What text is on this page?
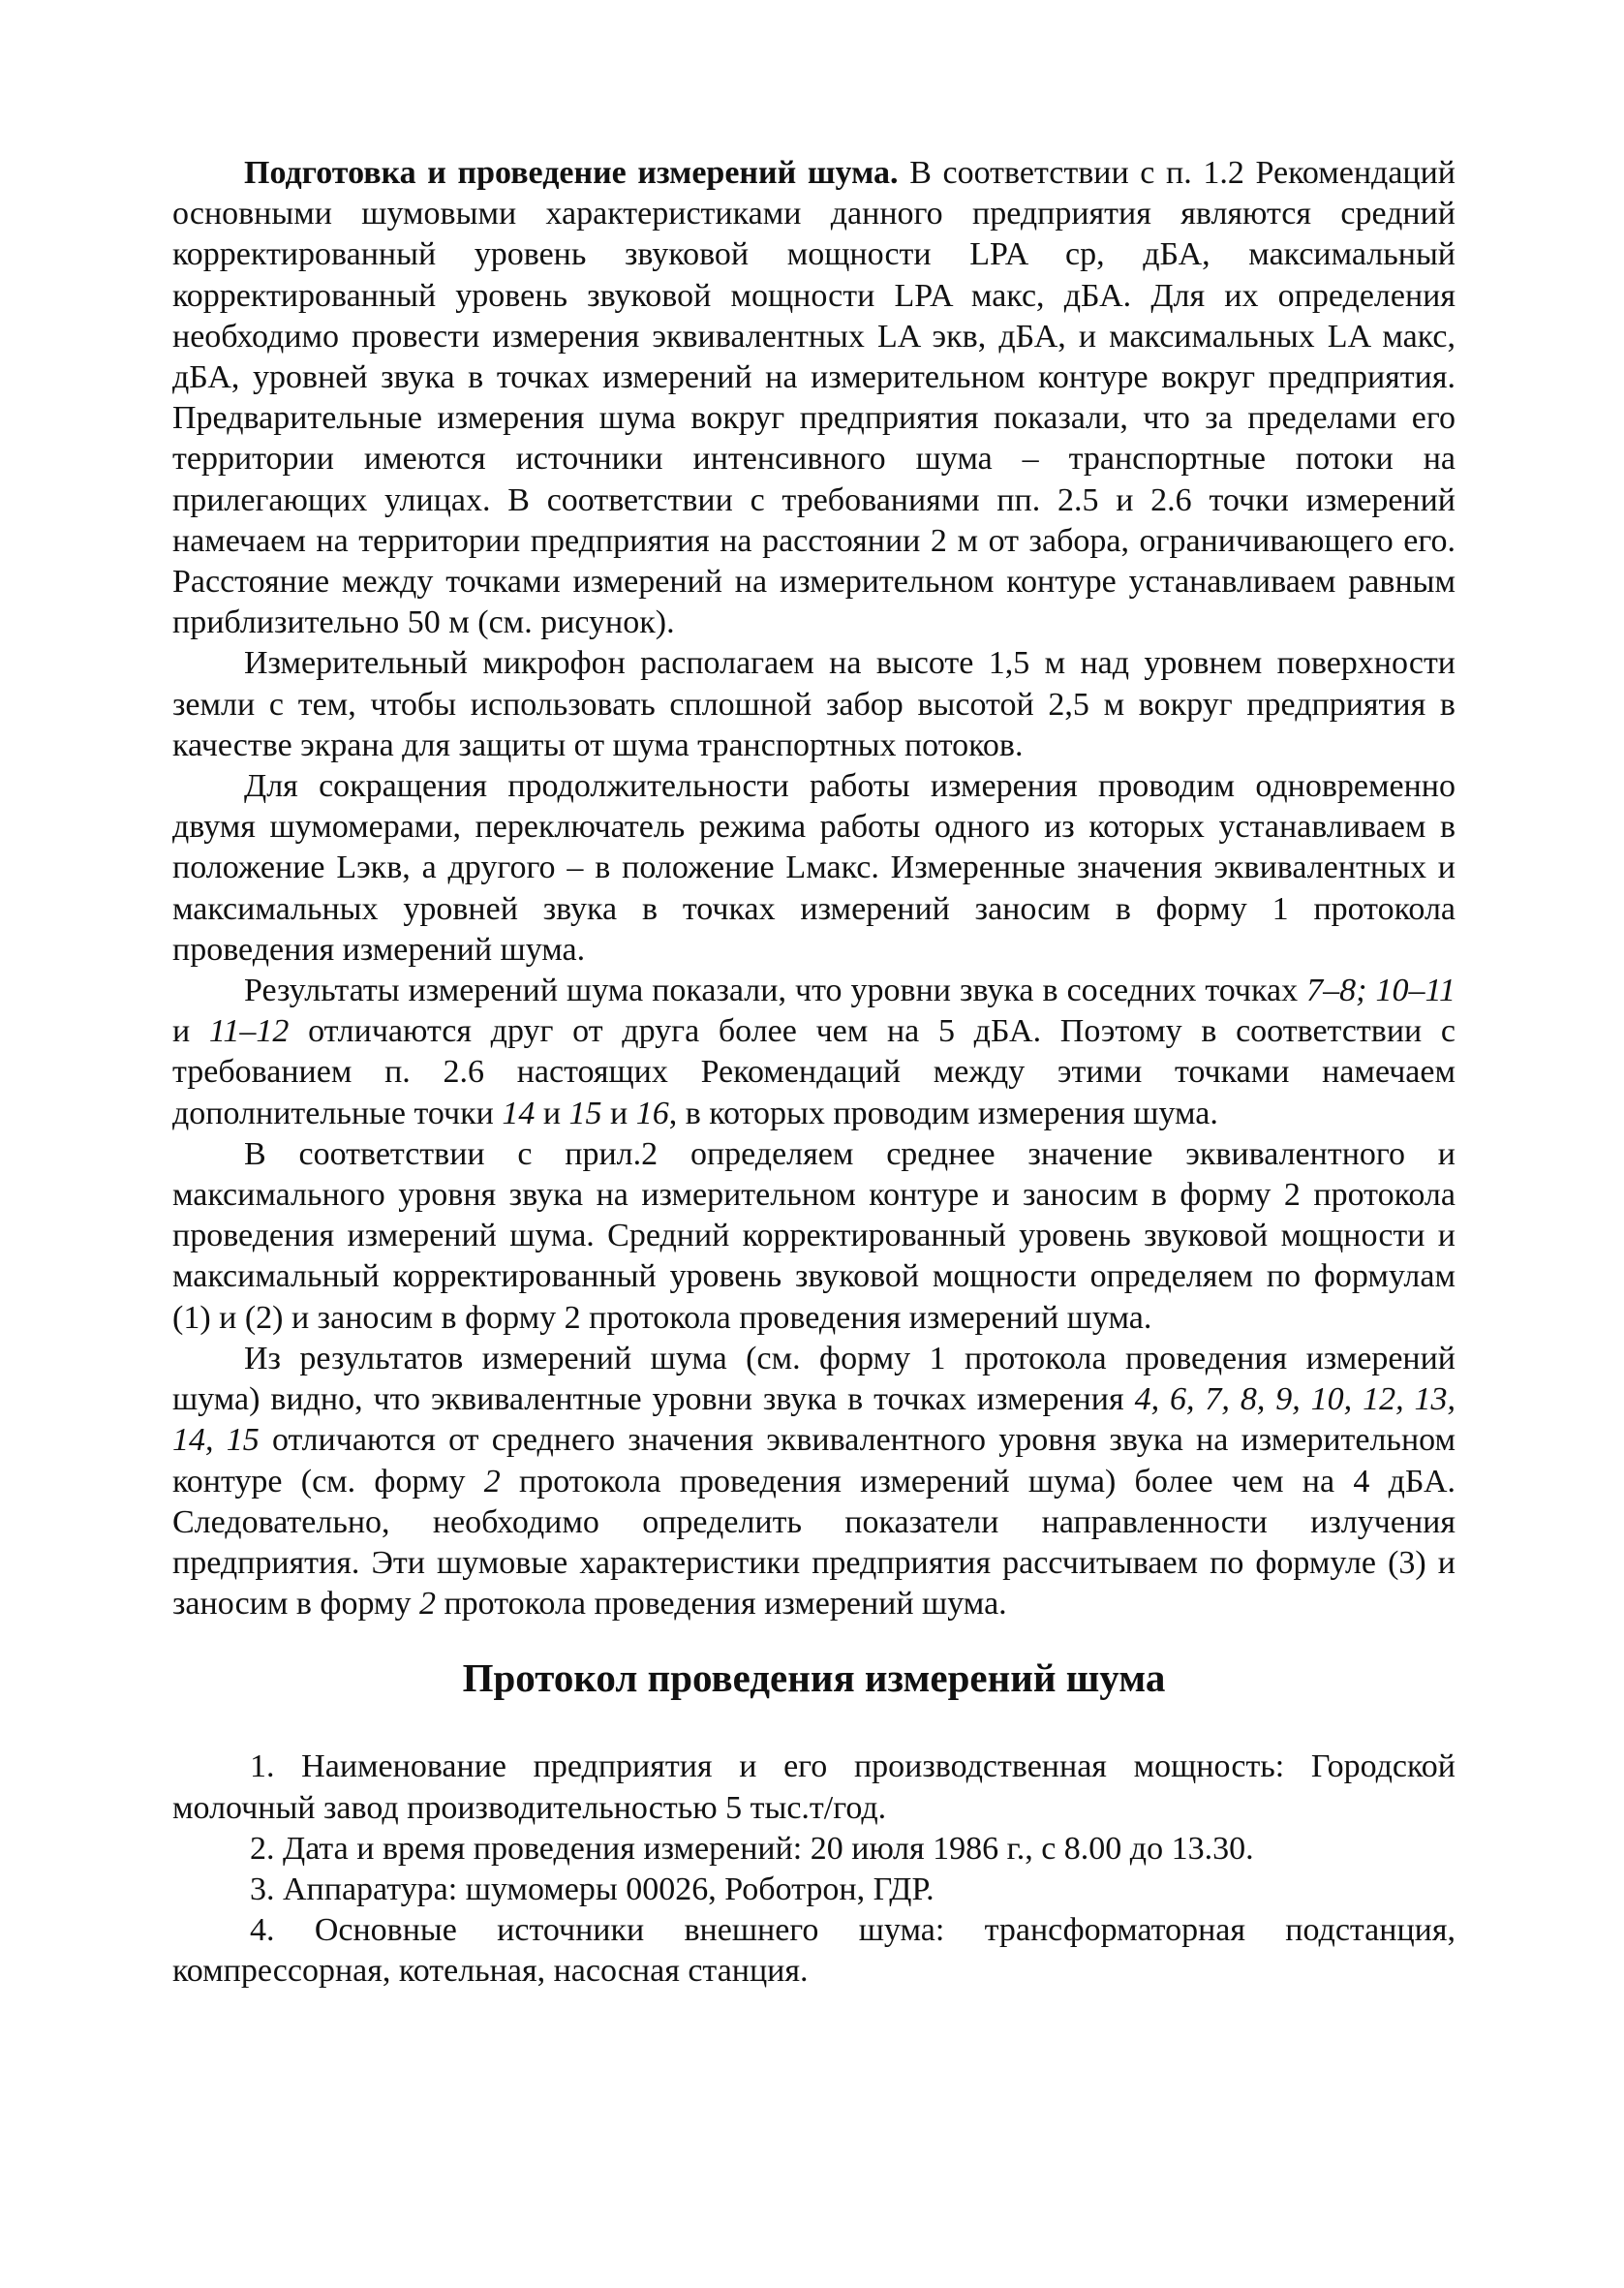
Подготовка и проведение измерений шума. В соответствии с п. 1.2 Рекомендаций основными шумовыми характеристиками данного предприятия являются средний корректированный уровень звуковой мощности LPA ср, дБА, максимальный корректированный уровень звуковой мощности LPA макс, дБА. Для их определения необходимо провести измерения эквивалентных LA экв, дБА, и максимальных LA макс, дБА, уровней звука в точках измерений на измерительном контуре вокруг предприятия. Предварительные измерения шума вокруг предприятия показали, что за пределами его территории имеются источники интенсивного шума – транспортные потоки на прилегающих улицах. В соответствии с требованиями пп. 2.5 и 2.6 точки измерений намечаем на территории предприятия на расстоянии 2 м от забора, ограничивающего его. Расстояние между точками измерений на измерительном контуре устанавливаем равным приблизительно 50 м (см. рисунок).

Измерительный микрофон располагаем на высоте 1,5 м над уровнем поверхности земли с тем, чтобы использовать сплошной забор высотой 2,5 м вокруг предприятия в качестве экрана для защиты от шума транспортных потоков.

Для сокращения продолжительности работы измерения проводим одновременно двумя шумомерами, переключатель режима работы одного из которых устанавливаем в положение Lэкв, а другого – в положение Lмакс. Измеренные значения эквивалентных и максимальных уровней звука в точках измерений заносим в форму 1 протокола проведения измерений шума.

Результаты измерений шума показали, что уровни звука в соседних точках 7–8; 10–11 и 11–12 отличаются друг от друга более чем на 5 дБА. Поэтому в соответствии с требованием п. 2.6 настоящих Рекомендаций между этими точками намечаем дополнительные точки 14 и 15 и 16, в которых проводим измерения шума.

В соответствии с прил.2 определяем среднее значение эквивалентного и максимального уровня звука на измерительном контуре и заносим в форму 2 протокола проведения измерений шума. Средний корректированный уровень звуковой мощности и максимальный корректированный уровень звуковой мощности определяем по формулам (1) и (2) и заносим в форму 2 протокола проведения измерений шума.

Из результатов измерений шума (см. форму 1 протокола проведения измерений шума) видно, что эквивалентные уровни звука в точках измерения 4, 6, 7, 8, 9, 10, 12, 13, 14, 15 отличаются от среднего значения эквивалентного уровня звука на измерительном контуре (см. форму 2 протокола проведения измерений шума) более чем на 4 дБА. Следовательно, необходимо определить показатели направленности излучения предприятия. Эти шумовые характеристики предприятия рассчитываем по формуле (3) и заносим в форму 2 протокола проведения измерений шума.

Протокол проведения измерений шума

1. Наименование предприятия и его производственная мощность: Городской молочный завод производительностью 5 тыс.т/год.

2. Дата и время проведения измерений: 20 июля 1986 г., с 8.00 до 13.30.

3. Аппаратура: шумомеры 00026, Роботрон, ГДР.

4. Основные источники внешнего шума: трансформаторная подстанция, компрессорная, котельная, насосная станция.
